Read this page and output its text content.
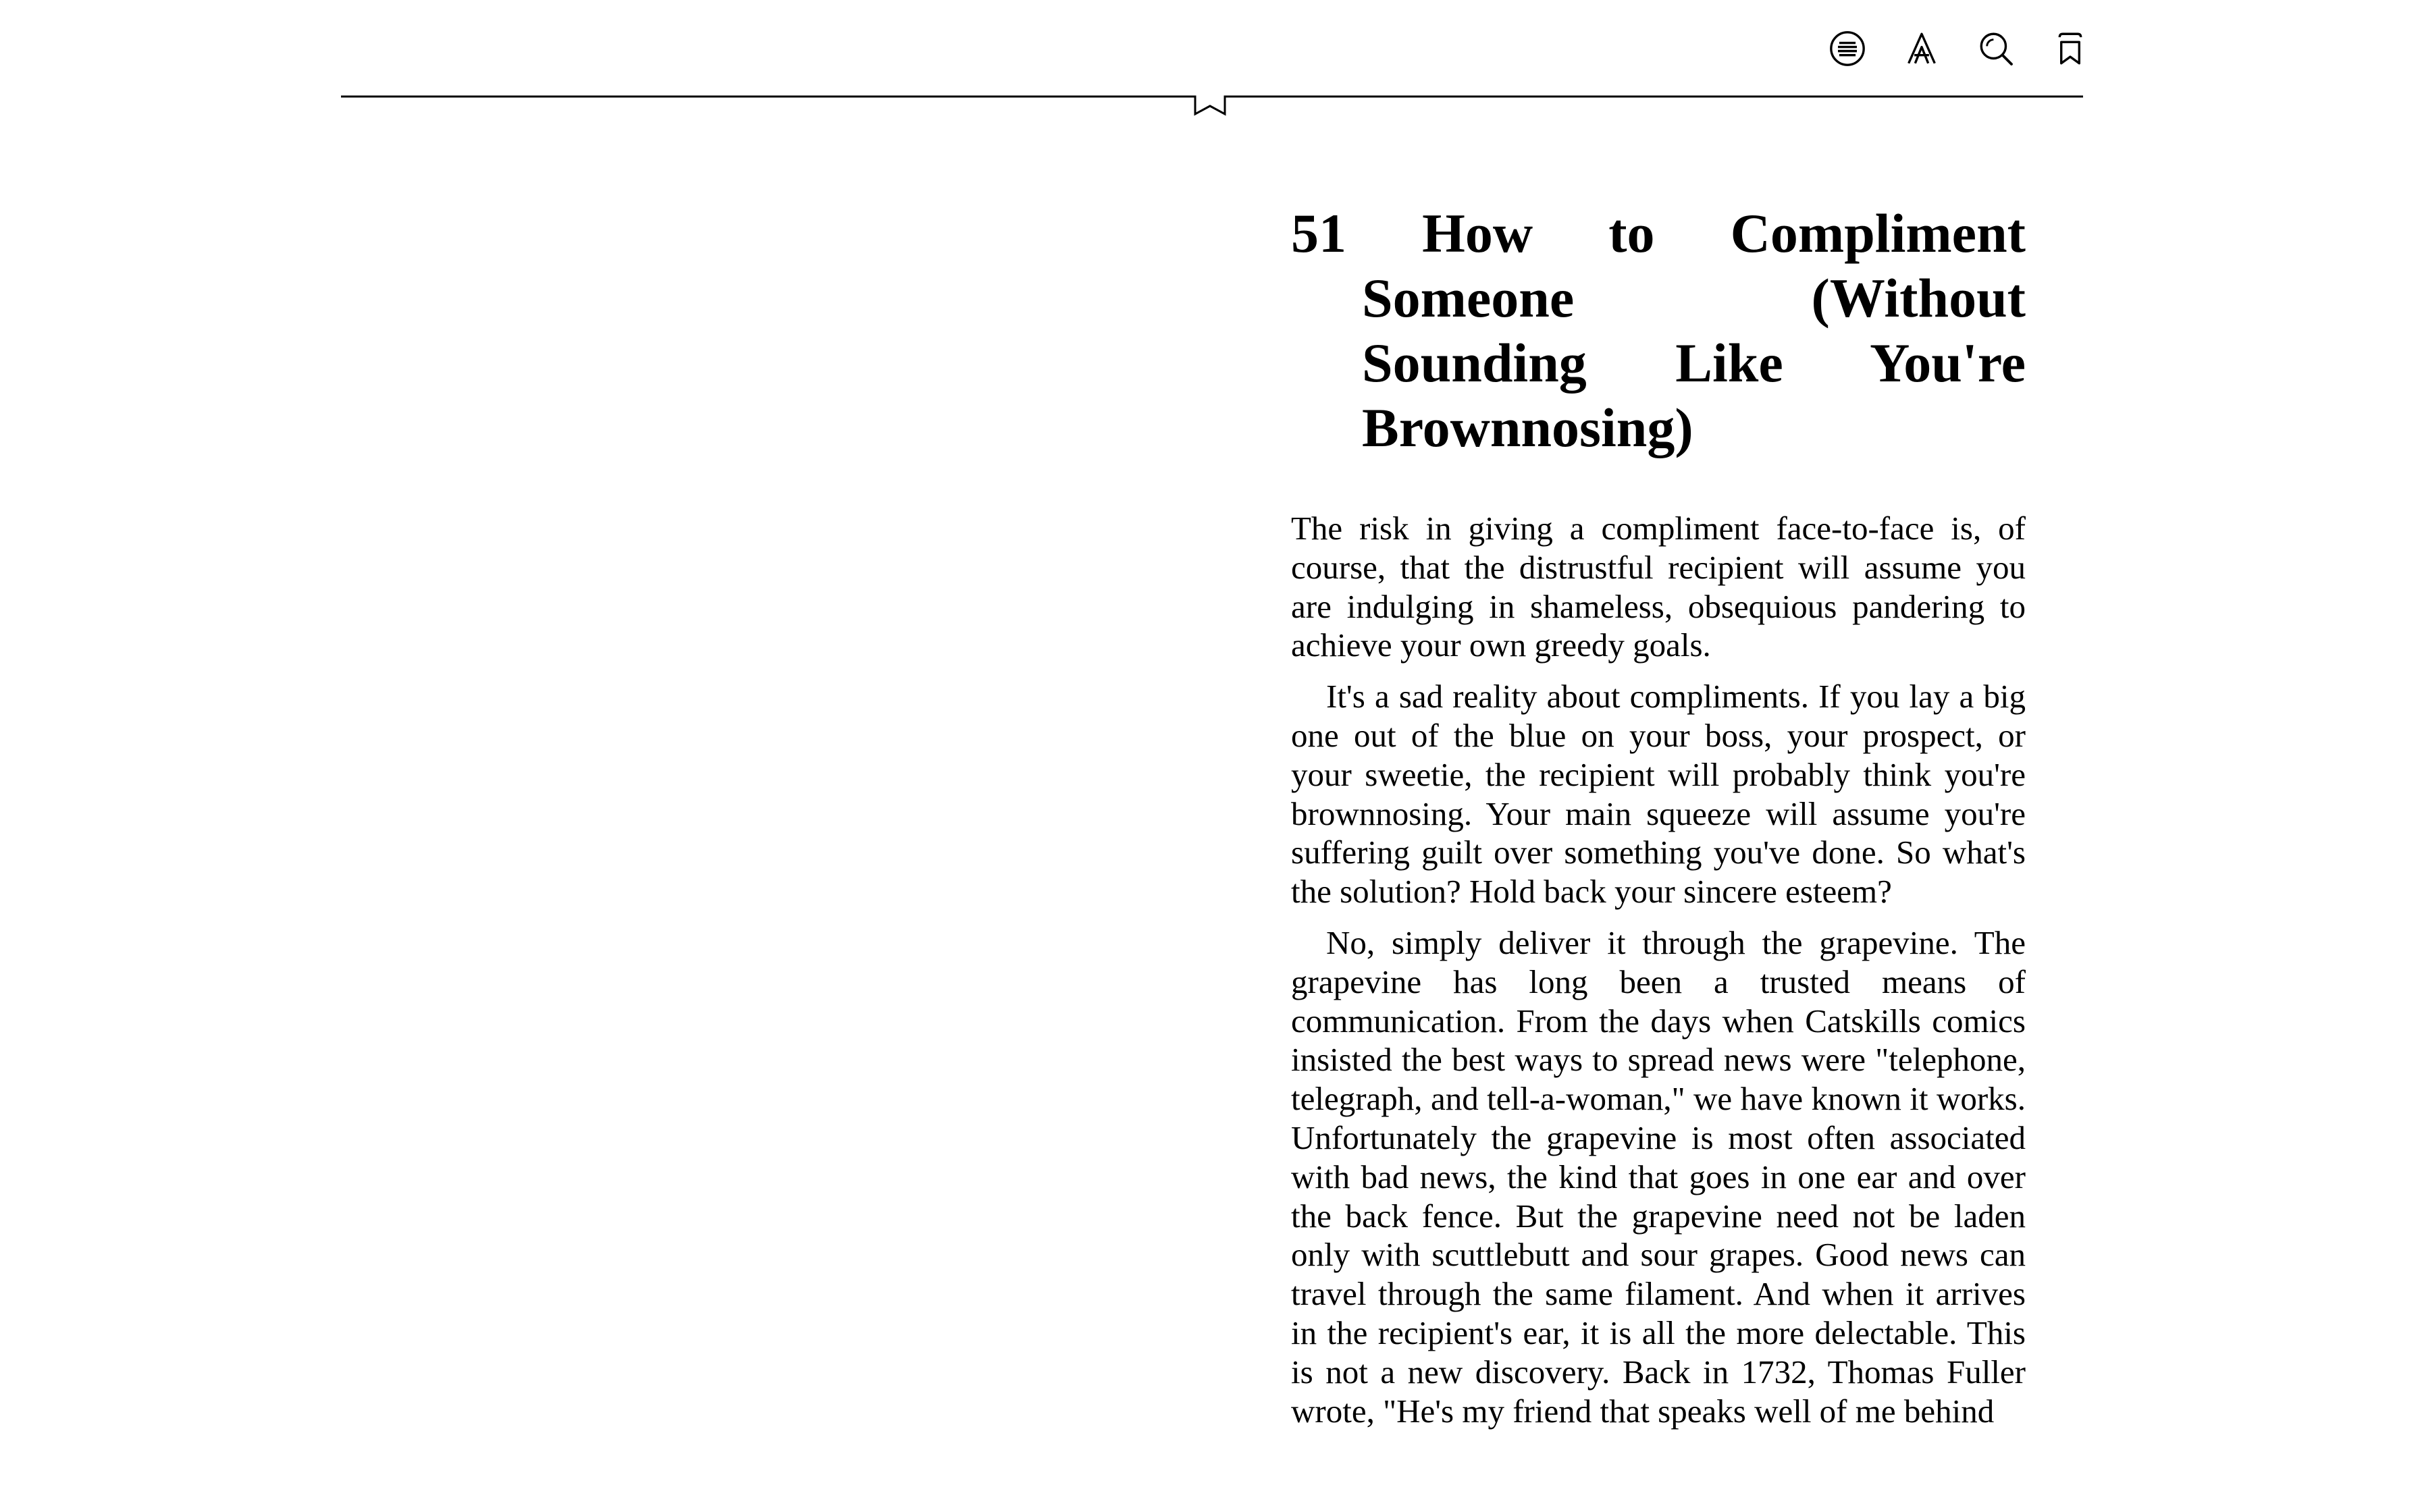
51 How to Compliment Someone (Without Sounding Like You're Brownnosing)

The risk in giving a compliment face-to-face is, of course, that the distrustful recipient will assume you are indulging in shameless, obsequious pandering to achieve your own greedy goals.

It's a sad reality about compliments. If you lay a big one out of the blue on your boss, your prospect, or your sweetie, the recipient will probably think you're brownnosing. Your main squeeze will assume you're suffering guilt over something you've done. So what's the solution? Hold back your sincere esteem?

No, simply deliver it through the grapevine. The grapevine has long been a trusted means of communication. From the days when Catskills comics insisted the best ways to spread news were "telephone, telegraph, and tell-a-woman," we have known it works. Unfortunately the grapevine is most often associated with bad news, the kind that goes in one ear and over the back fence. But the grapevine need not be laden only with scuttlebutt and sour grapes. Good news can travel through the same filament. And when it arrives in the recipient's ear, it is all the more delectable. This is not a new discovery. Back in 1732, Thomas Fuller wrote, "He's my friend that speaks well of me behind
